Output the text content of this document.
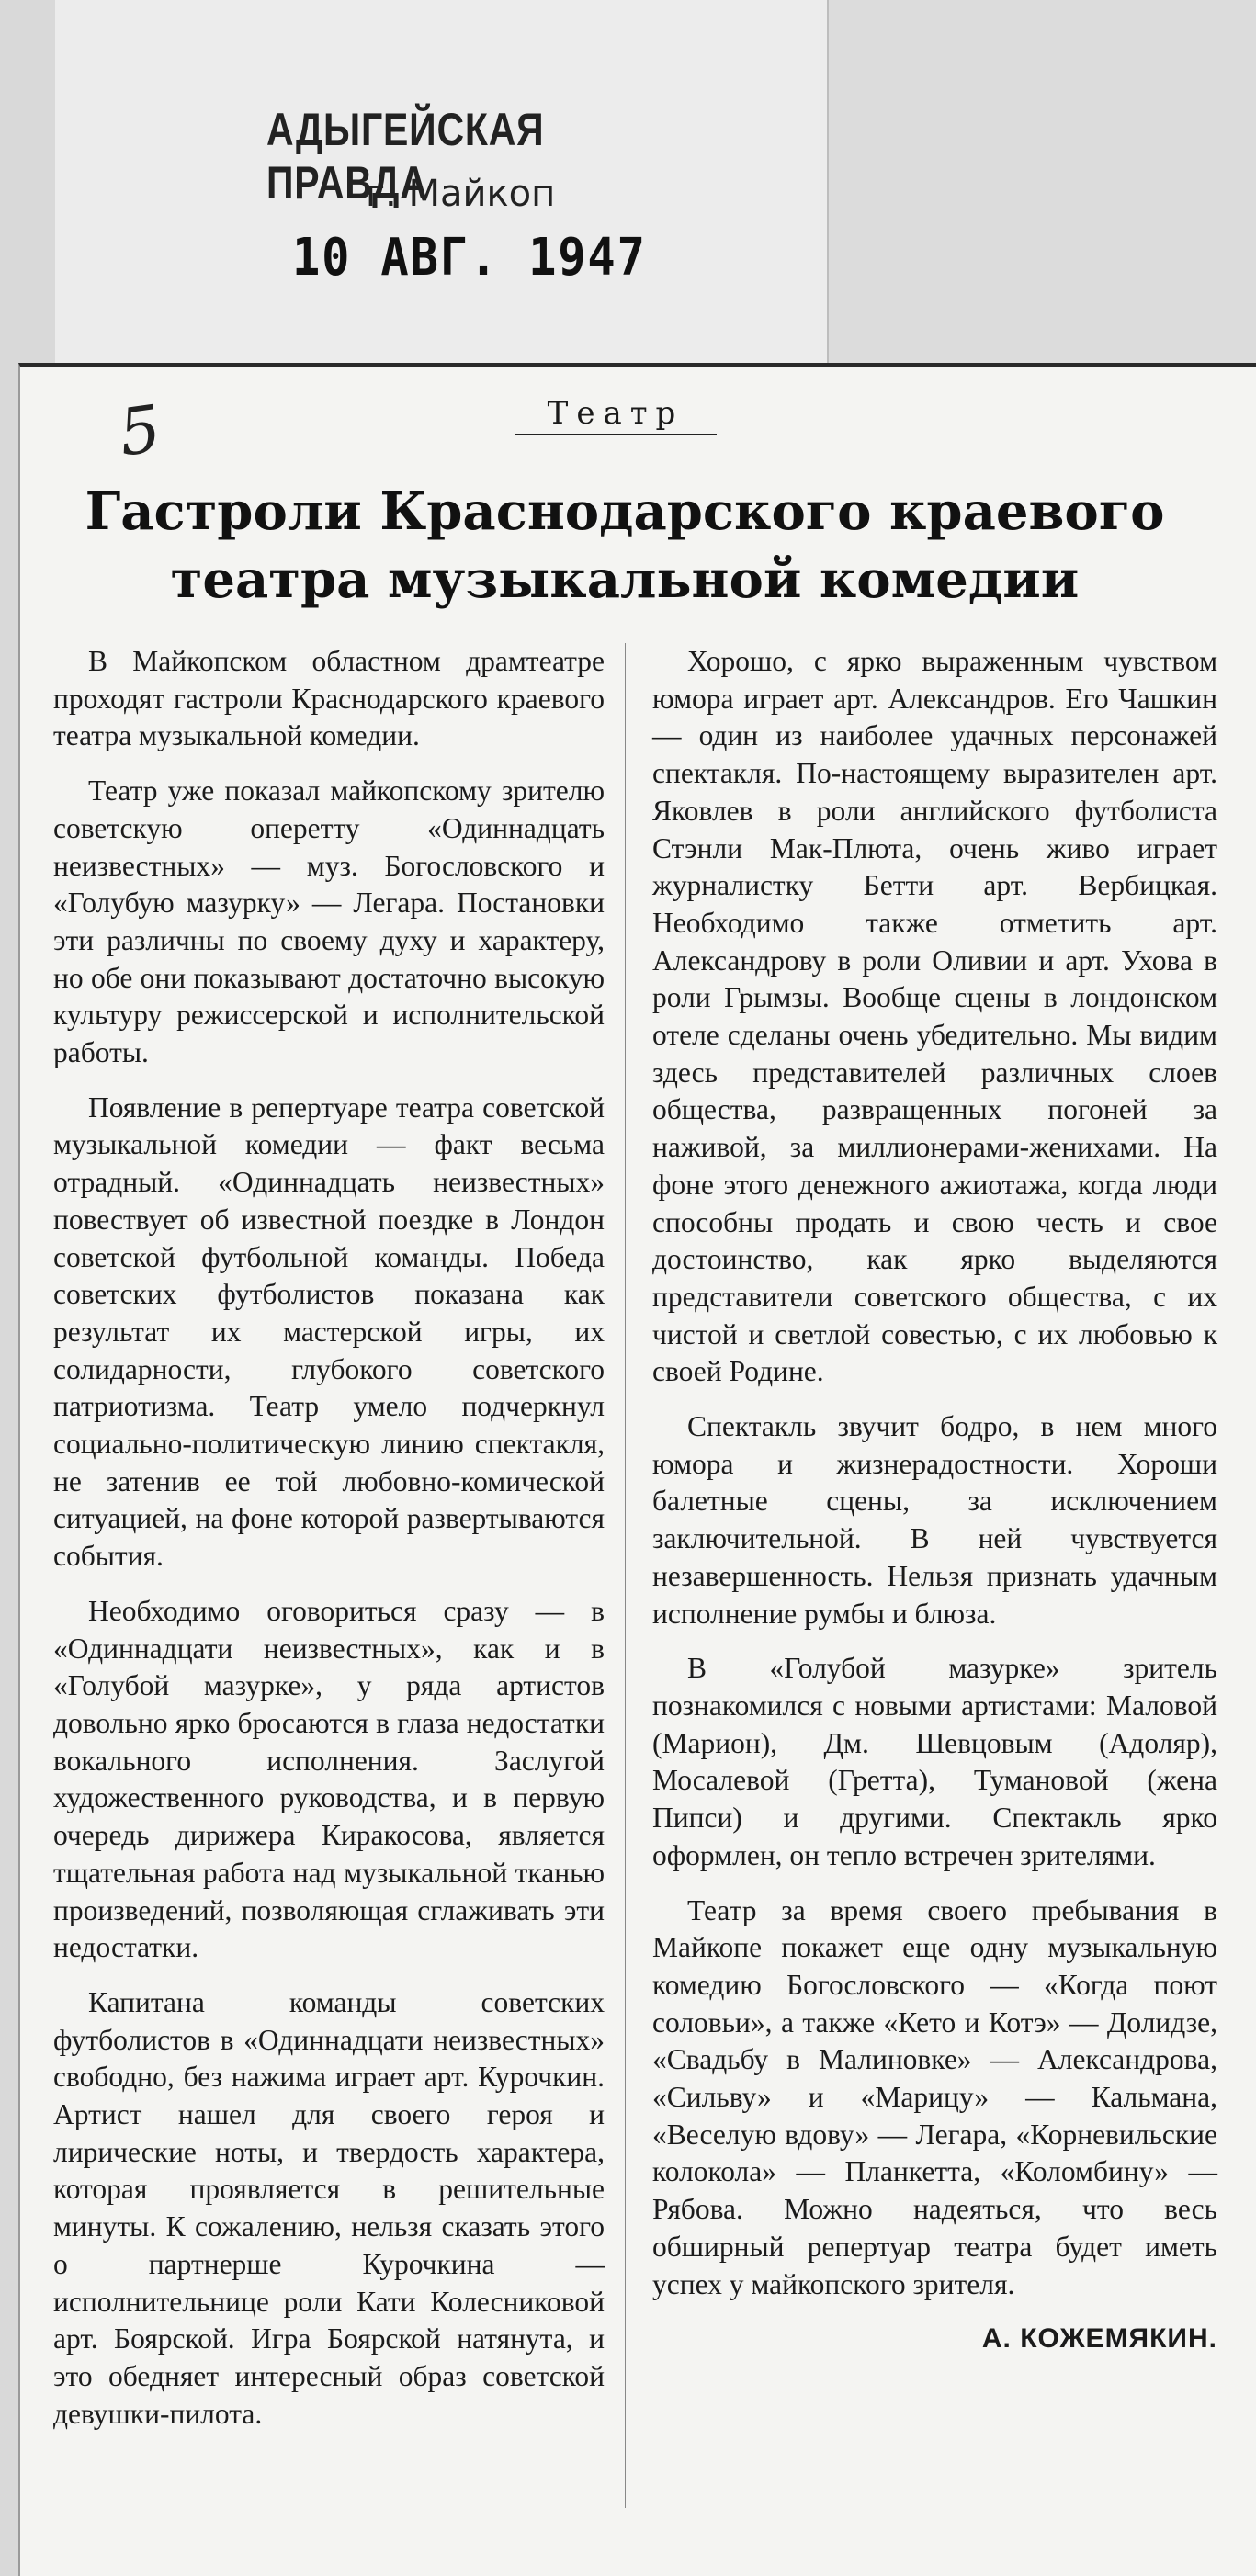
АДЫГЕЙСКАЯ ПРАВДА
г. Майкоп
10 АВГ. 1947
5	Театр
Гастроли Краснодарского краевого
театра музыкальной комедии

В Майкопском областном драмтеатре проходят гастроли Краснодарского краевого театра музыкальной комедии.

Театр уже показал майкопскому зрителю советскую оперетту «Одиннадцать неизвестных» — муз. Богословского и «Голубую мазурку» — Легара. Постановки эти различны по своему духу и характеру, но обе они показывают достаточно высокую культуру режиссерской и исполнительской работы.

Появление в репертуаре театра советской музыкальной комедии — факт весьма отрадный. «Одиннадцать неизвестных» повествует об известной поездке в Лондон советской футбольной команды. Победа советских футболистов показана как результат их мастерской игры, их солидарности, глубокого советского патриотизма. Театр умело подчеркнул социально-политическую линию спектакля, не затенив ее той любовно-комической ситуацией, на фоне которой развертываются события.

Необходимо оговориться сразу — в «Одиннадцати неизвестных», как и в «Голубой мазурке», у ряда артистов довольно ярко бросаются в глаза недостатки вокального исполнения. Заслугой художественного руководства, и в первую очередь дирижера Киракосова, является тщательная работа над музыкальной тканью произведений, позволяющая сглаживать эти недостатки.

Капитана команды советских футболистов в «Одиннадцати неизвестных» свободно, без нажима играет арт. Курочкин. Артист нашел для своего героя и лирические ноты, и твердость характера, которая проявляется в решительные минуты. К сожалению, нельзя сказать этого о партнерше Курочкина — исполнительнице роли Кати Колесниковой арт. Боярской. Игра Боярской натянута, и это обедняет интересный образ советской девушки-пилота.

Хорошо, с ярко выраженным чувством юмора играет арт. Александров. Его Чашкин — один из наиболее удачных персонажей спектакля. По-настоящему выразителен арт. Яковлев в роли английского футболиста Стэнли Мак-Плюта, очень живо играет журналистку Бетти арт. Вербицкая. Необходимо также отметить арт. Александрову в роли Оливии и арт. Ухова в роли Грымзы. Вообще сцены в лондонском отеле сделаны очень убедительно. Мы видим здесь представителей различных слоев общества, развращенных погоней за наживой, за миллионерами-женихами. На фоне этого денежного ажиотажа, когда люди способны продать и свою честь и свое достоинство, как ярко выделяются представители советского общества, с их чистой и светлой совестью, с их любовью к своей Родине.

Спектакль звучит бодро, в нем много юмора и жизнерадостности. Хороши балетные сцены, за исключением заключительной. В ней чувствуется незавершенность. Нельзя признать удачным исполнение румбы и блюза.

В «Голубой мазурке» зритель познакомился с новыми артистами: Маловой (Марион), Дм. Шевцовым (Адоляр), Мосалевой (Гретта), Тумановой (жена Пипси) и другими. Спектакль ярко оформлен, он тепло встречен зрителями.

Театр за время своего пребывания в Майкопе покажет еще одну музыкальную комедию Богословского — «Когда поют соловьи», а также «Кето и Котэ» — Долидзе, «Свадьбу в Малиновке» — Александрова, «Сильву» и «Марицу» — Кальмана, «Веселую вдову» — Легара, «Корневильские колокола» — Планкетта, «Коломбину» — Рябова. Можно надеяться, что весь обширный репертуар театра будет иметь успех у майкопского зрителя.

А. КОЖЕМЯКИН.
